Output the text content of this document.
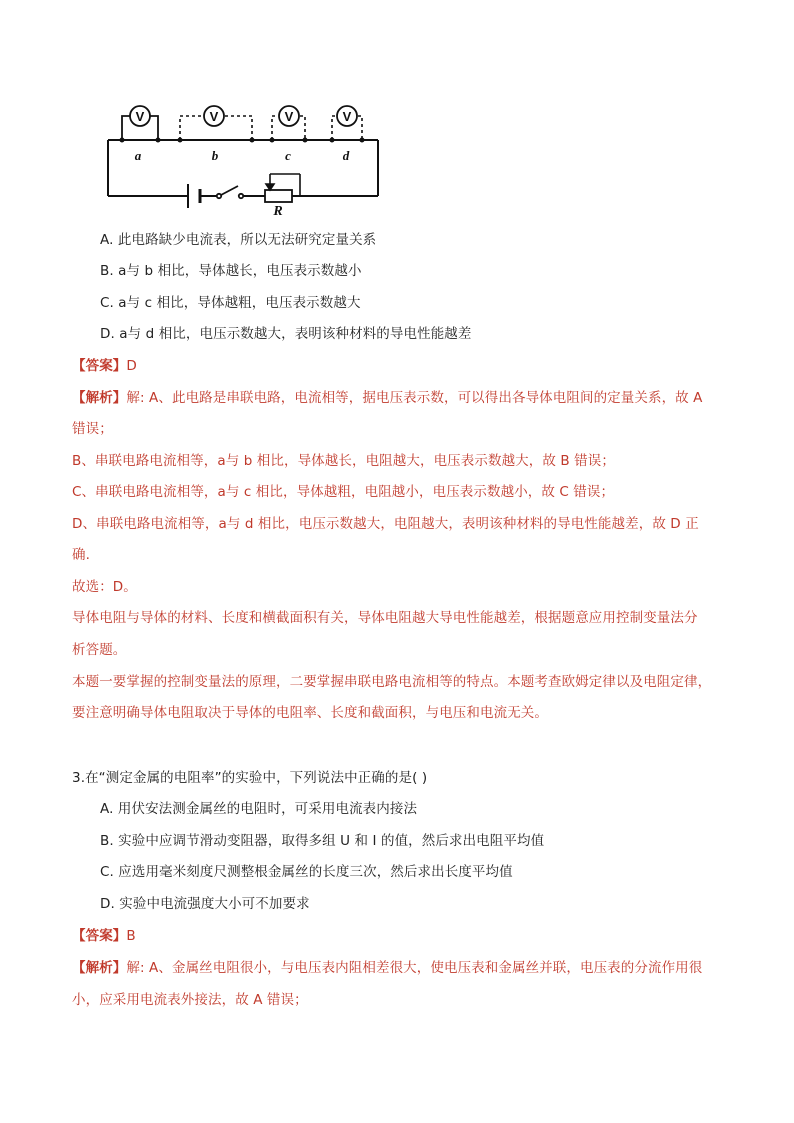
V	V	V	V
a	b	c	d
R
A. 此电路缺少电流表，所以无法研究定量关系
B. a与 b 相比，导体越长，电压表示数越小
C. a与 c 相比，导体越粗，电压表示数越大
D. a与 d 相比，电压示数越大，表明该种材料的导电性能越差
【答案】D
【解析】解: A、此电路是串联电路，电流相等，据电压表示数，可以得出各导体电阻间的定量关系，故 A
错误；
B、串联电路电流相等，a与 b 相比，导体越长，电阻越大，电压表示数越大，故 B 错误；
C、串联电路电流相等，a与 c 相比，导体越粗，电阻越小，电压表示数越小，故 C 错误；
D、串联电路电流相等，a与 d 相比，电压示数越大，电阻越大，表明该种材料的导电性能越差，故 D 正
确.
故选：D。
导体电阻与导体的材料、长度和横截面积有关，导体电阻越大导电性能越差，根据题意应用控制变量法分
析答题。
本题一要掌握的控制变量法的原理，二要掌握串联电路电流相等的特点。本题考查欧姆定律以及电阻定律，
要注意明确导体电阻取决于导体的电阻率、长度和截面积，与电压和电流无关。
3.在“测定金属的电阻率”的实验中，下列说法中正确的是( )
A. 用伏安法测金属丝的电阻时，可采用电流表内接法
B. 实验中应调节滑动变阻器，取得多组 U 和 I 的值，然后求出电阻平均值
C. 应选用毫米刻度尺测整根金属丝的长度三次，然后求出长度平均值
D. 实验中电流强度大小可不加要求
【答案】B
【解析】解: A、金属丝电阻很小，与电压表内阻相差很大，使电压表和金属丝并联，电压表的分流作用很
小，应采用电流表外接法，故 A 错误；
